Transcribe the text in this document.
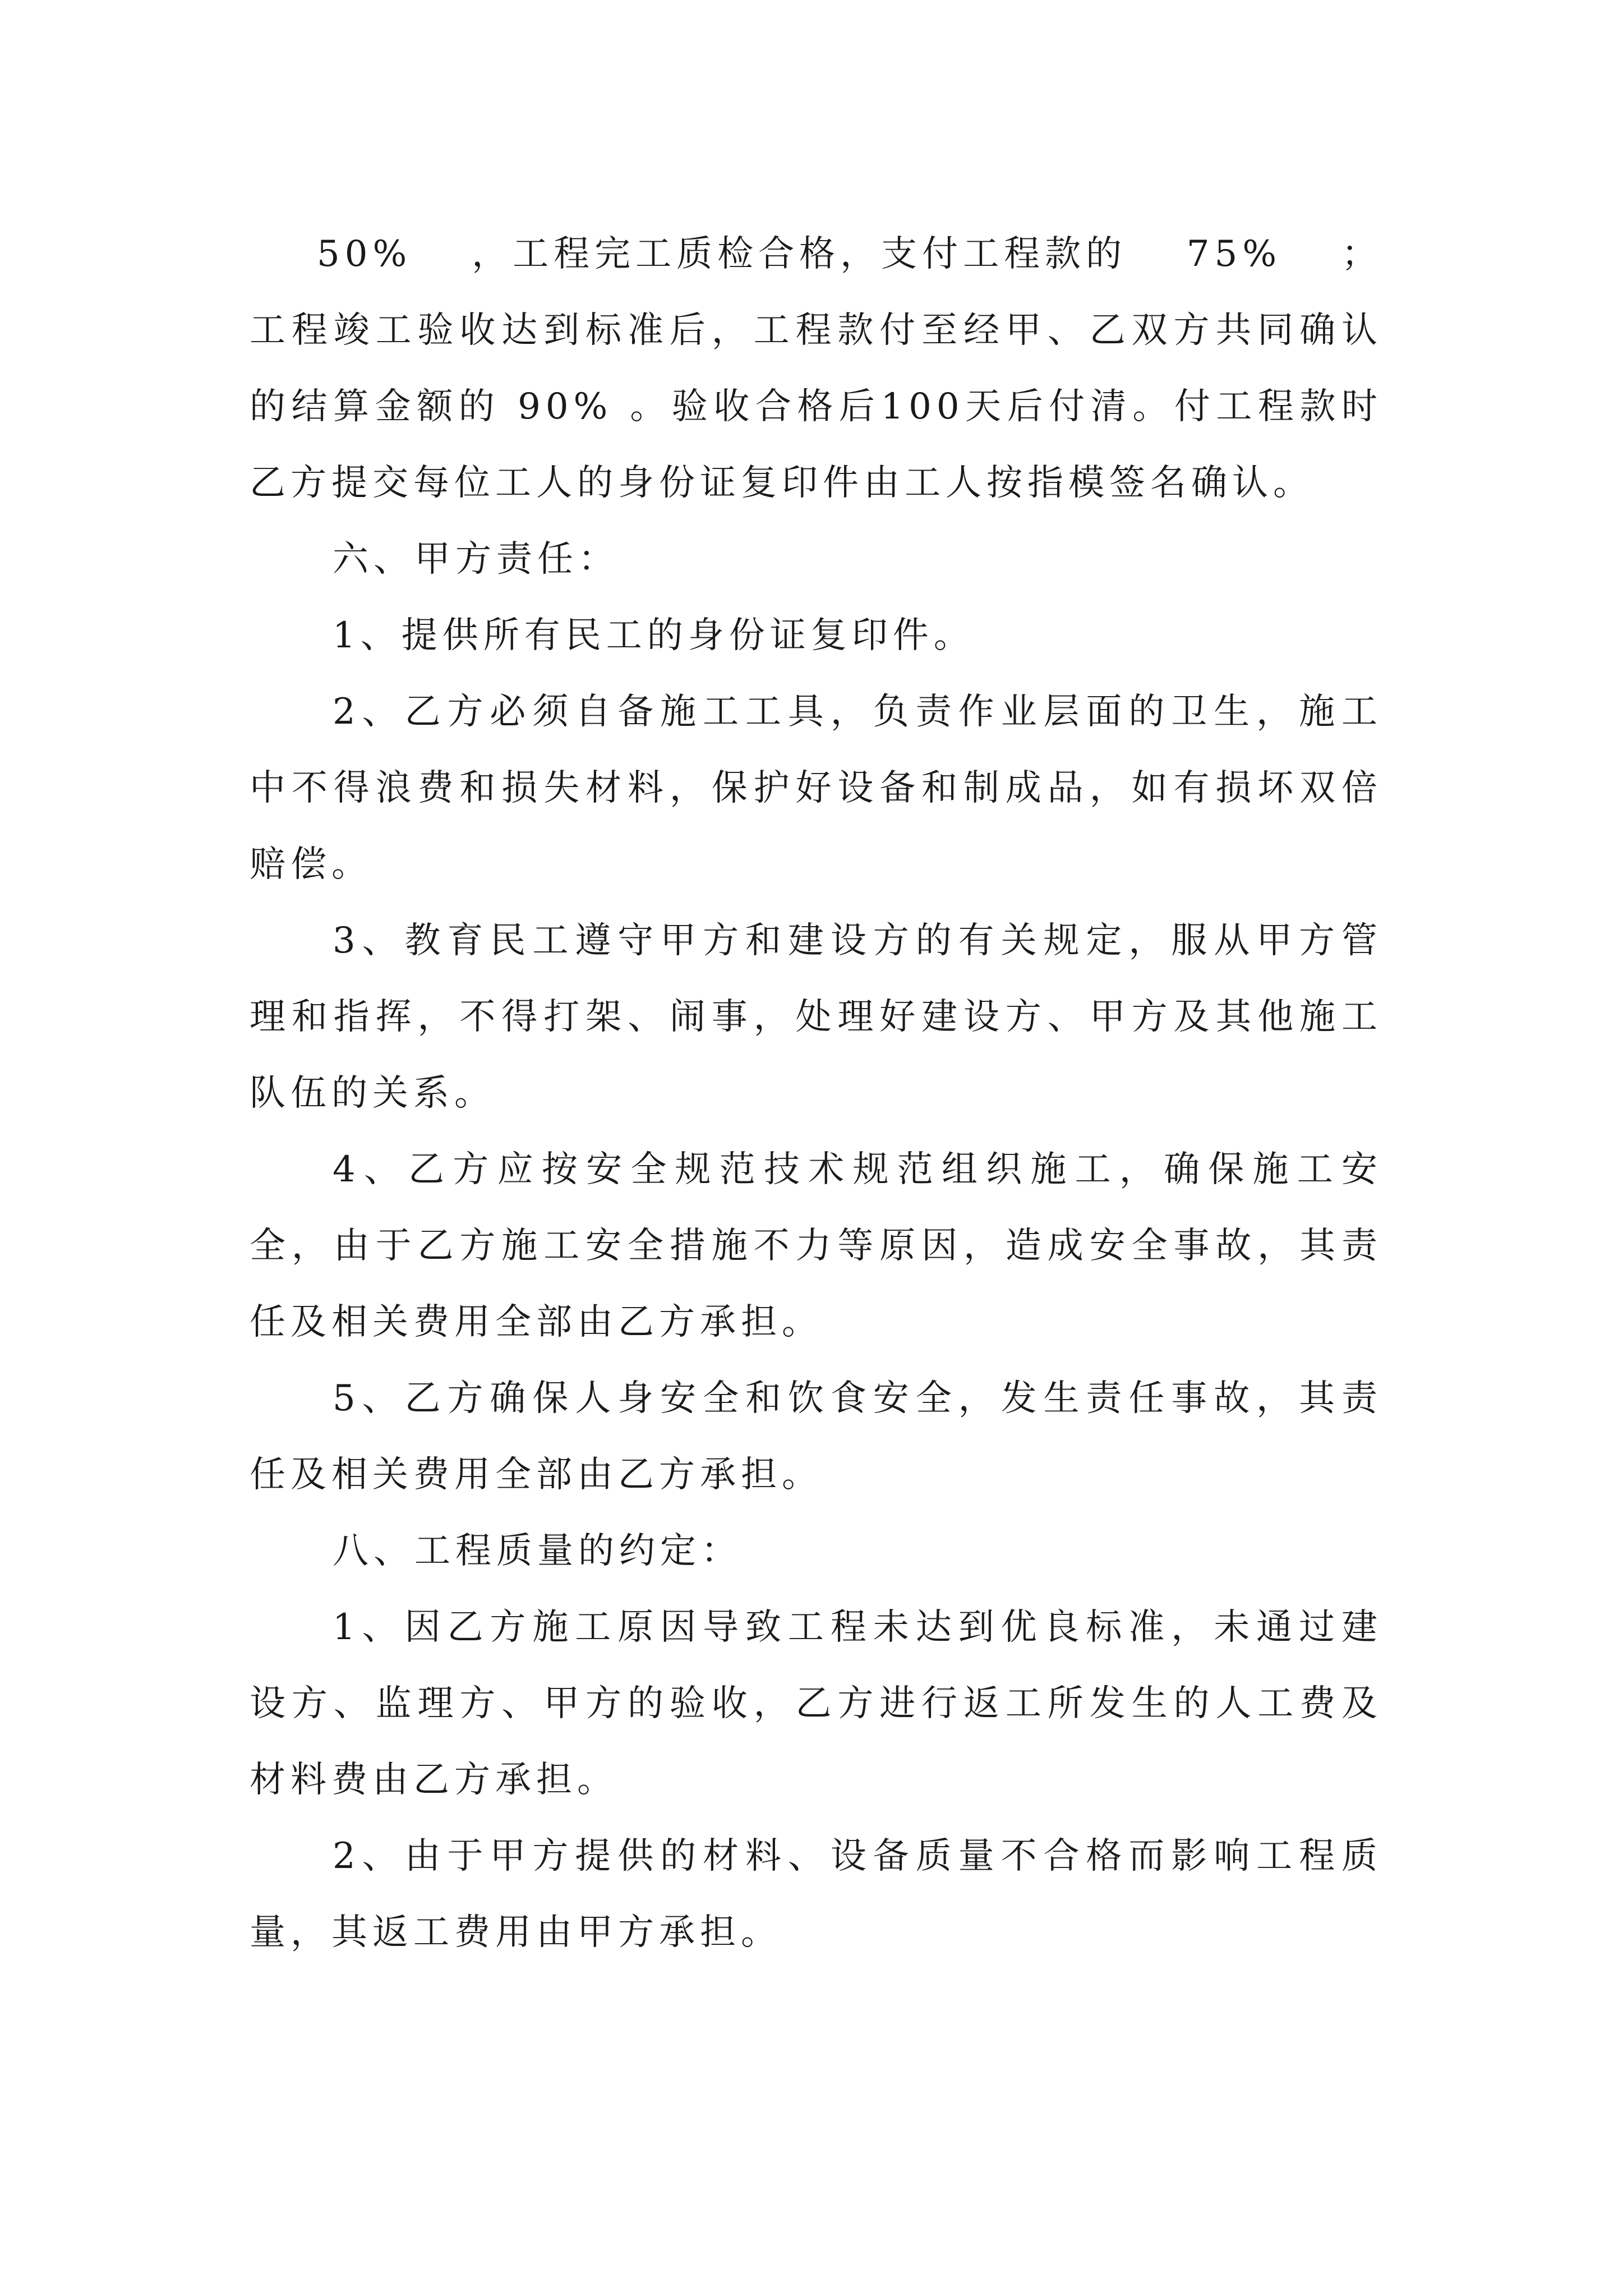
50% ，工程完工质检合格，支付工程款的 75% ；

工程竣工验收达到标准后，工程款付至经甲、乙双方共同确认的结算金额的 90% 。验收合格后100天后付清。付工程款时乙方提交每位工人的身份证复印件由工人按指模签名确认。

六、甲方责任：

1、提供所有民工的身份证复印件。

2、乙方必须自备施工工具，负责作业层面的卫生，施工中不得浪费和损失材料，保护好设备和制成品，如有损坏双倍赔偿。

3、教育民工遵守甲方和建设方的有关规定，服从甲方管理和指挥，不得打架、闹事，处理好建设方、甲方及其他施工队伍的关系。

4、乙方应按安全规范技术规范组织施工，确保施工安全，由于乙方施工安全措施不力等原因，造成安全事故，其责任及相关费用全部由乙方承担。

5、乙方确保人身安全和饮食安全，发生责任事故，其责任及相关费用全部由乙方承担。

八、工程质量的约定：

1、因乙方施工原因导致工程未达到优良标准，未通过建设方、监理方、甲方的验收，乙方进行返工所发生的人工费及材料费由乙方承担。

2、由于甲方提供的材料、设备质量不合格而影响工程质量，其返工费用由甲方承担。
